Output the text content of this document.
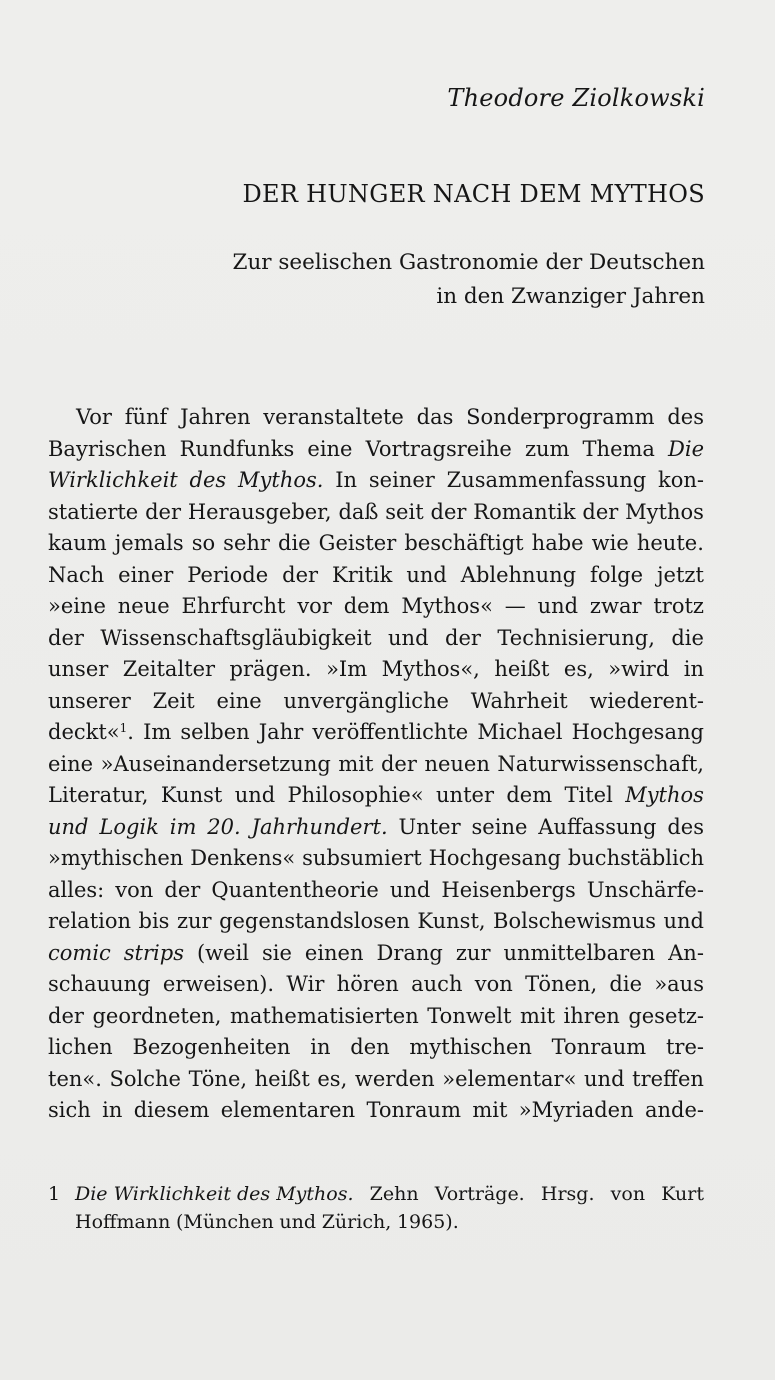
Theodore Ziolkowski
DER HUNGER NACH DEM MYTHOS
Zur seelischen Gastronomie der Deutschen
in den Zwanziger Jahren
Vor fünf Jahren veranstaltete das Sonderprogramm des
Bayrischen Rundfunks eine Vortragsreihe zum Thema Die
Wirklichkeit des Mythos. In seiner Zusammenfassung kon-
statierte der Herausgeber, daß seit der Romantik der Mythos
kaum jemals so sehr die Geister beschäftigt habe wie heute.
Nach einer Periode der Kritik und Ablehnung folge jetzt
»eine neue Ehrfurcht vor dem Mythos« — und zwar trotz
der Wissenschaftsgläubigkeit und der Technisierung, die
unser Zeitalter prägen. »Im Mythos«, heißt es, »wird in
unserer Zeit eine unvergängliche Wahrheit wiederent-
deckt«$^1$. Im selben Jahr veröffentlichte Michael Hochgesang
eine »Auseinandersetzung mit der neuen Naturwissenschaft,
Literatur, Kunst und Philosophie« unter dem Titel Mythos
und Logik im 20. Jahrhundert. Unter seine Auffassung des
»mythischen Denkens« subsumiert Hochgesang buchstäblich
alles: von der Quantentheorie und Heisenbergs Unschärfe-
relation bis zur gegenstandslosen Kunst, Bolschewismus und
comic strips (weil sie einen Drang zur unmittelbaren An-
schauung erweisen). Wir hören auch von Tönen, die »aus
der geordneten, mathematisierten Tonwelt mit ihren gesetz-
lichen Bezogenheiten in den mythischen Tonraum tre-
ten«. Solche Töne, heißt es, werden »elementar« und treffen
sich in diesem elementaren Tonraum mit »Myriaden ande-
1 Die Wirklichkeit des Mythos. Zehn Vorträge. Hrsg. von Kurt
Hoffmann (München und Zürich, 1965).
